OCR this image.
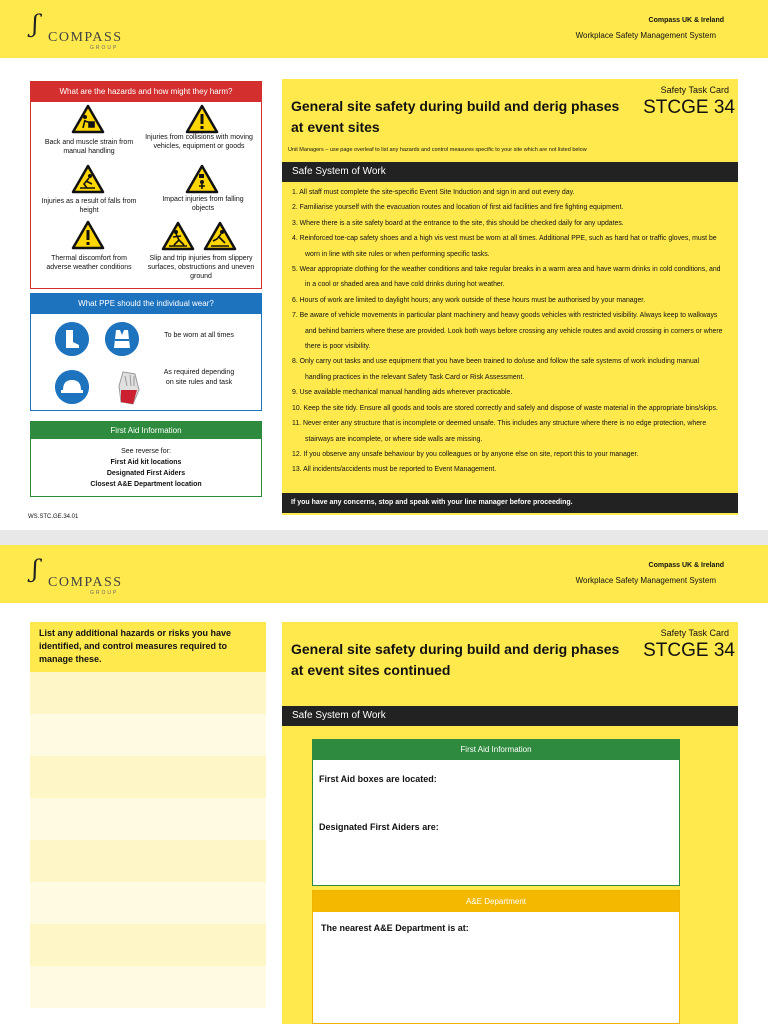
ʃ COMPASS
GROUP
Compass UK & Ireland
Workplace Safety Management System
What are the hazards and how might they harm?
Back and muscle strain from manual handling
Injuries from collisions with moving vehicles, equipment or goods
Injuries as a result of falls from height
Impact injuries from falling objects
Thermal discomfort from adverse weather conditions
Slip and trip injuries from slippery surfaces, obstructions and uneven ground
What PPE should the individual wear?
To be worn at all times
As required depending on site rules and task
First Aid Information
See reverse for:
First Aid kit locations
Designated First Aiders
Closest A&E Department location
WS.STC.GE.34.01
General site safety during build and derig phases at event sites
Safety Task Card
STCGE 34
Unit Managers – use page overleaf to list any hazards and control measures specific to your site which are not listed below
Safe System of Work
1. All staff must complete the site-specific Event Site Induction and sign in and out every day.
2. Familiarise yourself with the evacuation routes and location of first aid facilities and fire fighting equipment.
3. Where there is a site safety board at the entrance to the site, this should be checked daily for any updates.
4. Reinforced toe-cap safety shoes and a high vis vest must be worn at all times. Additional PPE, such as hard hat or traffic gloves, must be worn in line with site rules or when performing specific tasks.
5. Wear appropriate clothing for the weather conditions and take regular breaks in a warm area and have warm drinks in cold conditions, and in a cool or shaded area and have cold drinks during hot weather.
6. Hours of work are limited to daylight hours; any work outside of these hours must be authorised by your manager.
7. Be aware of vehicle movements in particular plant machinery and heavy goods vehicles with restricted visibility. Always keep to walkways and behind barriers where these are provided. Look both ways before crossing any vehicle routes and avoid crossing in corners or where there is poor visibility.
8. Only carry out tasks and use equipment that you have been trained to do/use and follow the safe systems of work including manual handling practices in the relevant Safety Task Card or Risk Assessment.
9. Use available mechanical manual handling aids wherever practicable.
10. Keep the site tidy. Ensure all goods and tools are stored correctly and safely and dispose of waste material in the appropriate bins/skips.
11. Never enter any structure that is incomplete or deemed unsafe. This includes any structure where there is no edge protection, where stairways are incomplete, or where side walls are missing.
12. If you observe any unsafe behaviour by you colleagues or by anyone else on site, report this to your manager.
13. All incidents/accidents must be reported to Event Management.
If you have any concerns, stop and speak with your line manager before proceeding.
ʃ COMPASS
GROUP
Compass UK & Ireland
Workplace Safety Management System
List any additional hazards or risks you have identified, and control measures required to manage these.
General site safety during build and derig phases at event sites continued
Safety Task Card
STCGE 34
Safe System of Work
First Aid Information
First Aid boxes are located:
Designated First Aiders are:
A&E Department
The nearest A&E Department is at:
